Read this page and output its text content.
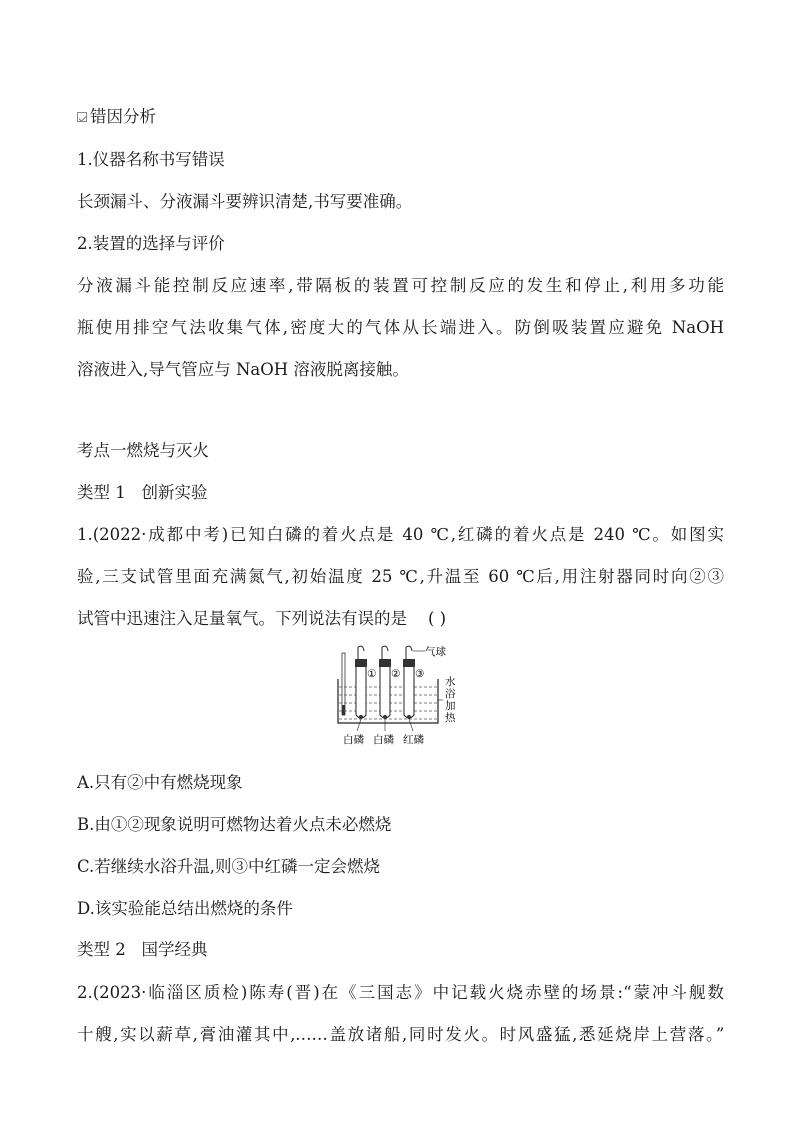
错因分析
1.仪器名称书写错误
长颈漏斗、分液漏斗要辨识清楚,书写要准确。
2.装置的选择与评价
分液漏斗能控制反应速率,带隔板的装置可控制反应的发生和停止,利用多功能
瓶使用排空气法收集气体,密度大的气体从长端进入。防倒吸装置应避免 NaOH
溶液进入,导气管应与 NaOH 溶液脱离接触。
考点一燃烧与灭火
类型 1 创新实验
1.(2022·成都中考)已知白磷的着火点是 40 ℃,红磷的着火点是 240 ℃。如图实
验,三支试管里面充满氮气,初始温度 25 ℃,升温至 60 ℃后,用注射器同时向②③
试管中迅速注入足量氧气。下列说法有误的是 ( )
① ② ③
气球
水
浴
加
热
白磷 白磷 红磷
A.只有②中有燃烧现象
B.由①②现象说明可燃物达着火点未必燃烧
C.若继续水浴升温,则③中红磷一定会燃烧
D.该实验能总结出燃烧的条件
类型 2 国学经典
2.(2023·临淄区质检)陈寿(晋)在《三国志》中记载火烧赤壁的场景:“蒙冲斗舰数
十艘,实以薪草,膏油灌其中,……盖放诸船,同时发火。时风盛猛,悉延烧岸上营落。”
